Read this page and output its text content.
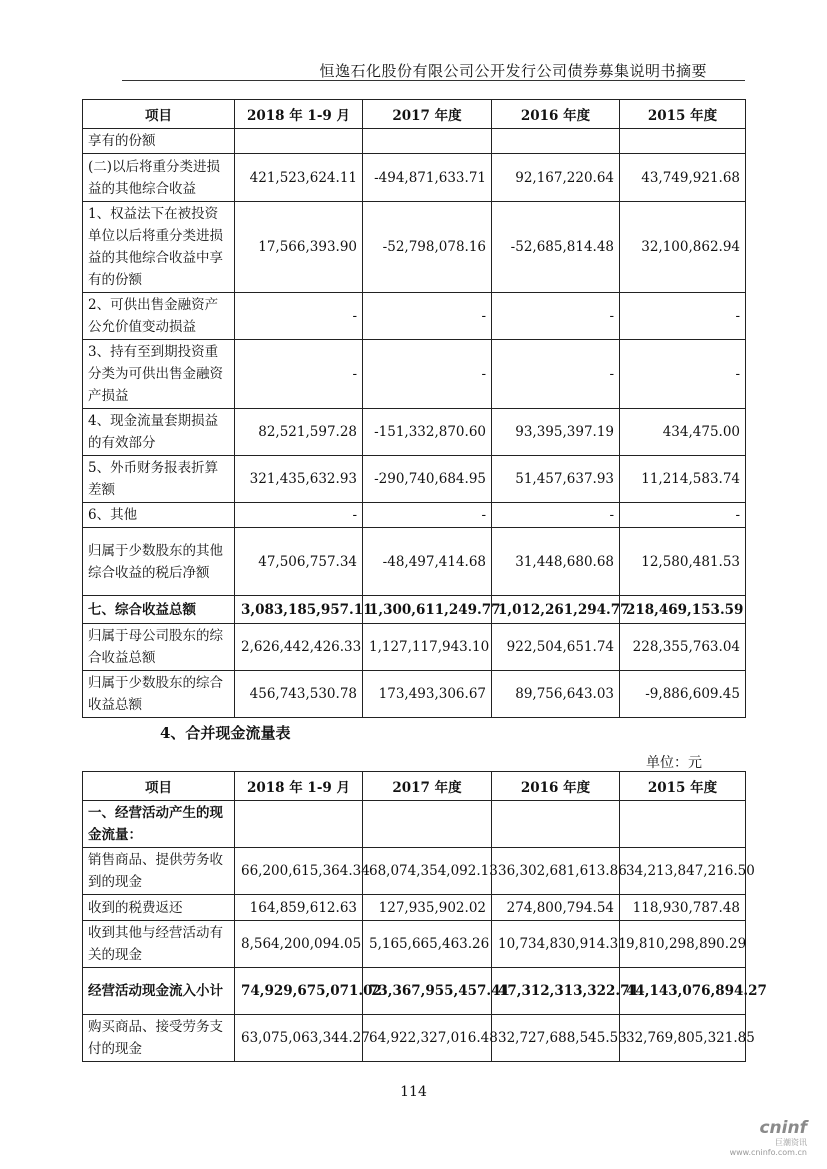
恒逸石化股份有限公司公开发行公司债券募集说明书摘要
项目	2018 年 1-9 月	2017 年度	2016 年度	2015 年度
享有的份额				
(二)以后将重分类进损益的其他综合收益	421,523,624.11	-494,871,633.71	92,167,220.64	43,749,921.68
1、权益法下在被投资单位以后将重分类进损益的其他综合收益中享有的份额	17,566,393.90	-52,798,078.16	-52,685,814.48	32,100,862.94
2、可供出售金融资产公允价值变动损益	-	-	-	-
3、持有至到期投资重分类为可供出售金融资产损益	-	-	-	-
4、现金流量套期损益的有效部分	82,521,597.28	-151,332,870.60	93,395,397.19	434,475.00
5、外币财务报表折算差额	321,435,632.93	-290,740,684.95	51,457,637.93	11,214,583.74
6、其他	-	-	-	-
归属于少数股东的其他综合收益的税后净额	47,506,757.34	-48,497,414.68	31,448,680.68	12,580,481.53
七、综合收益总额	3,083,185,957.11	1,300,611,249.77	1,012,261,294.77	218,469,153.59
归属于母公司股东的综合收益总额	2,626,442,426.33	1,127,117,943.10	922,504,651.74	228,355,763.04
归属于少数股东的综合收益总额	456,743,530.78	173,493,306.67	89,756,643.03	-9,886,609.45
4、合并现金流量表
单位：元
项目	2018 年 1-9 月	2017 年度	2016 年度	2015 年度
一、经营活动产生的现金流量：				
销售商品、提供劳务收到的现金	66,200,615,364.34	68,074,354,092.13	36,302,681,613.86	34,213,847,216.50
收到的税费返还	164,859,612.63	127,935,902.02	274,800,794.54	118,930,787.48
收到其他与经营活动有关的现金	8,564,200,094.05	5,165,665,463.26	10,734,830,914.31	9,810,298,890.29
经营活动现金流入小计	74,929,675,071.02	73,367,955,457.41	47,312,313,322.71	44,143,076,894.27
购买商品、接受劳务支付的现金	63,075,063,344.27	64,922,327,016.48	32,727,688,545.53	32,769,805,321.85
114
cninf
巨潮资讯
www.cninfo.com.cn
